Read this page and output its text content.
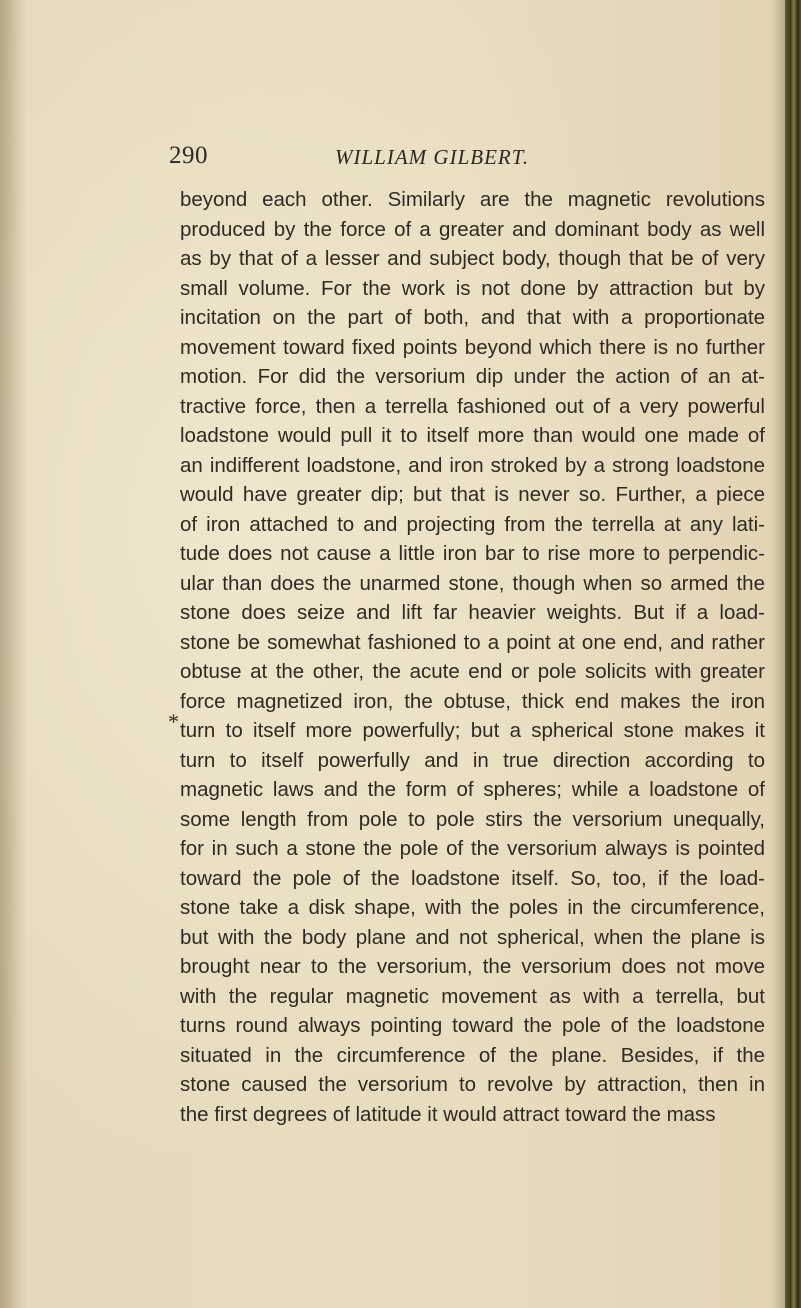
290	WILLIAM GILBERT.
*
beyond each other. Similarly are the magnetic revolutions
produced by the force of a greater and dominant body as well
as by that of a lesser and subject body, though that be of very
small volume. For the work is not done by attraction but by
incitation on the part of both, and that with a proportionate
movement toward fixed points beyond which there is no further
motion. For did the versorium dip under the action of an at-
tractive force, then a terrella fashioned out of a very powerful
loadstone would pull it to itself more than would one made of
an indifferent loadstone, and iron stroked by a strong loadstone
would have greater dip; but that is never so. Further, a piece
of iron attached to and projecting from the terrella at any lati-
tude does not cause a little iron bar to rise more to perpendic-
ular than does the unarmed stone, though when so armed the
stone does seize and lift far heavier weights. But if a load-
stone be somewhat fashioned to a point at one end, and rather
obtuse at the other, the acute end or pole solicits with greater
force magnetized iron, the obtuse, thick end makes the iron
turn to itself more powerfully; but a spherical stone makes it
turn to itself powerfully and in true direction according to
magnetic laws and the form of spheres; while a loadstone of
some length from pole to pole stirs the versorium unequally,
for in such a stone the pole of the versorium always is pointed
toward the pole of the loadstone itself. So, too, if the load-
stone take a disk shape, with the poles in the circumference,
but with the body plane and not spherical, when the plane is
brought near to the versorium, the versorium does not move
with the regular magnetic movement as with a terrella, but
turns round always pointing toward the pole of the loadstone
situated in the circumference of the plane. Besides, if the
stone caused the versorium to revolve by attraction, then in
the first degrees of latitude it would attract toward the mass
